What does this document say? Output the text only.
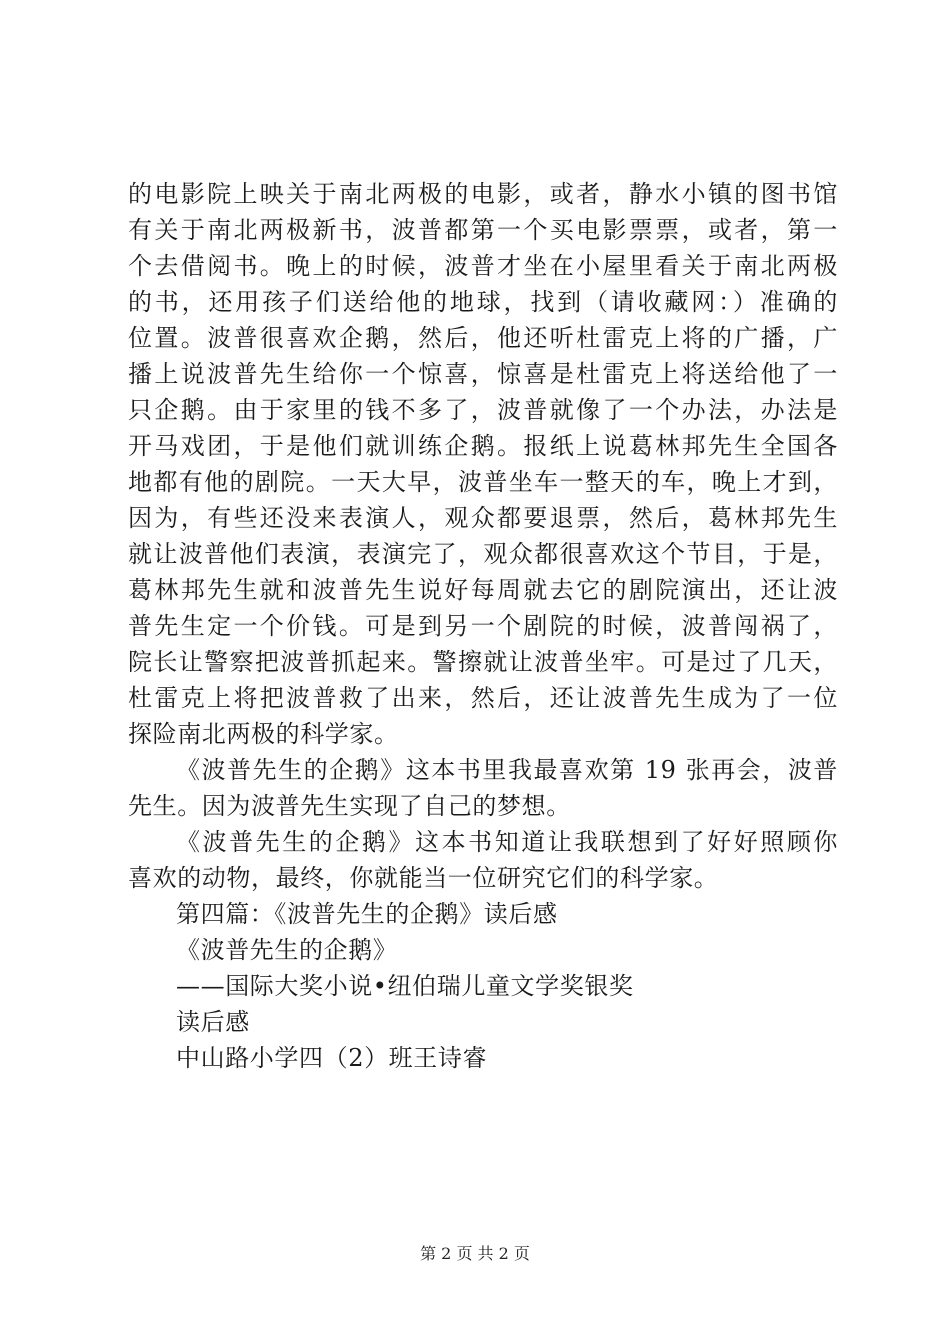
的电影院上映关于南北两极的电影，或者，静水小镇的图书馆
有关于南北两极新书，波普都第一个买电影票票，或者，第一
个去借阅书。晚上的时候，波普才坐在小屋里看关于南北两极
的书，还用孩子们送给他的地球，找到（请收藏网：）准确的
位置。波普很喜欢企鹅，然后，他还听杜雷克上将的广播，广
播上说波普先生给你一个惊喜，惊喜是杜雷克上将送给他了一
只企鹅。由于家里的钱不多了，波普就像了一个办法，办法是
开马戏团，于是他们就训练企鹅。报纸上说葛林邦先生全国各
地都有他的剧院。一天大早，波普坐车一整天的车，晚上才到，
因为，有些还没来表演人，观众都要退票，然后，葛林邦先生
就让波普他们表演，表演完了，观众都很喜欢这个节目，于是，
葛林邦先生就和波普先生说好每周就去它的剧院演出，还让波
普先生定一个价钱。可是到另一个剧院的时候，波普闯祸了，
院长让警察把波普抓起来。警擦就让波普坐牢。可是过了几天，
杜雷克上将把波普救了出来，然后，还让波普先生成为了一位
探险南北两极的科学家。
《波普先生的企鹅》这本书里我最喜欢第 19 张再会，波普
先生。因为波普先生实现了自己的梦想。
《波普先生的企鹅》这本书知道让我联想到了好好照顾你
喜欢的动物，最终，你就能当一位研究它们的科学家。
第四篇：《波普先生的企鹅》读后感
《波普先生的企鹅》
——国际大奖小说•纽伯瑞儿童文学奖银奖
读后感
中山路小学四（2）班王诗睿
第 2 页 共 2 页
